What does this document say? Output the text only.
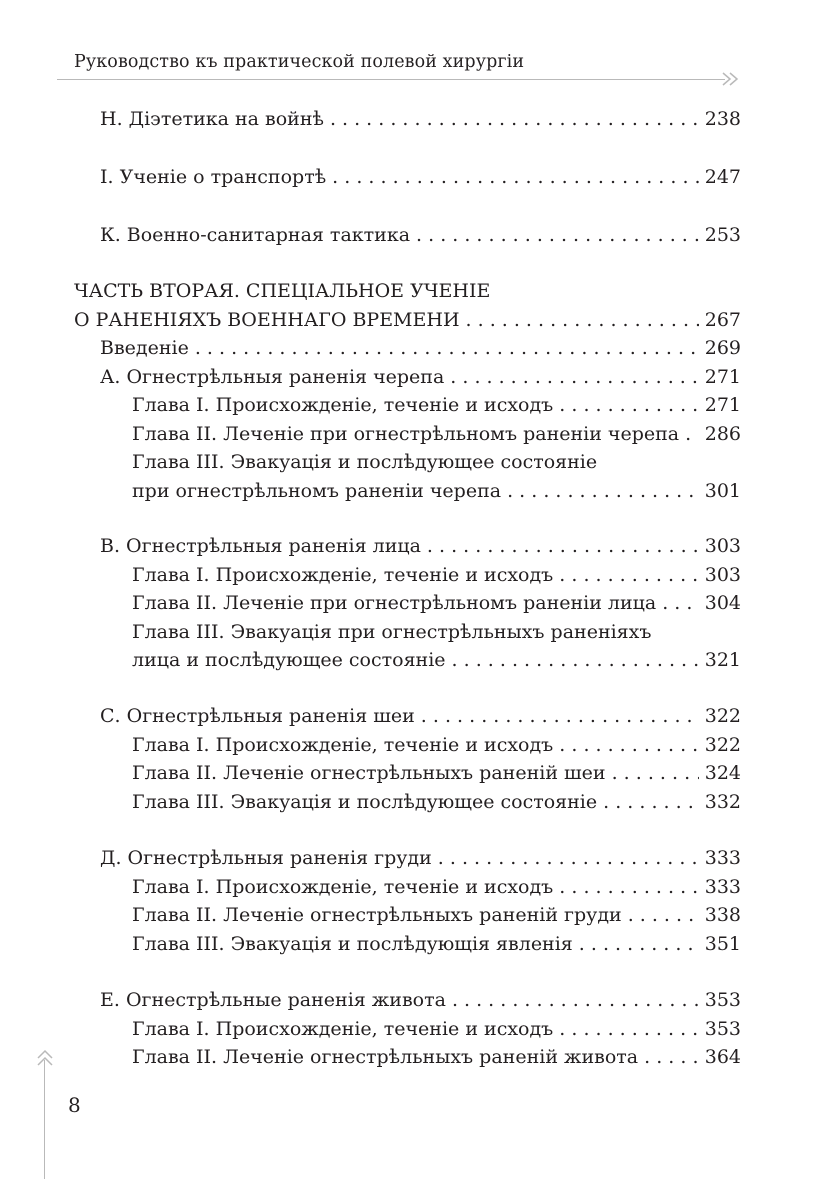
Руководство къ практической полевой хирургіи
Н. Діэтетика на войнѣ . . .	238
І. Ученіе о транспортѣ . . .	247
К. Военно-санитарная тактика . . .	253
ЧАСТЬ ВТОРАЯ. СПЕЦІАЛЬНОЕ УЧЕНІЕ
О РАНЕНІЯХЪ ВОЕННАГО ВРЕМЕНИ . . .	267
Введеніе . . .	269
А. Огнестрѣльныя раненія черепа . . .	271
Глава I. Происхожденіе, теченіе и исходъ . . .	271
Глава II. Леченіе при огнестрѣльномъ раненіи черепа . . . 286
Глава III. Эвакуація и послѣдующее состояніе
при огнестрѣльномъ раненіи черепа . . .	301
В. Огнестрѣльныя раненія лица . . .	303
Глава I. Происхожденіе, теченіе и исходъ . . .	303
Глава II. Леченіе при огнестрѣльномъ раненіи лица . . .	304
Глава III. Эвакуація при огнестрѣльныхъ раненіяхъ
лица и послѣдующее состояніе . . .	321
С. Огнестрѣльныя раненія шеи . . .	322
Глава I. Происхожденіе, теченіе и исходъ . . .	322
Глава II. Леченіе огнестрѣльныхъ раненій шеи . . .	324
Глава III. Эвакуація и послѣдующее состояніе . . .	332
Д. Огнестрѣльныя раненія груди . . .	333
Глава I. Происхожденіе, теченіе и исходъ . . .	333
Глава II. Леченіе огнестрѣльныхъ раненій груди . . .	338
Глава III. Эвакуація и послѣдующія явленія . . .	351
Е. Огнестрѣльные раненія живота . . .	353
Глава I. Происхожденіе, теченіе и исходъ . . .	353
Глава II. Леченіе огнестрѣльныхъ раненій живота . . .	364
8
